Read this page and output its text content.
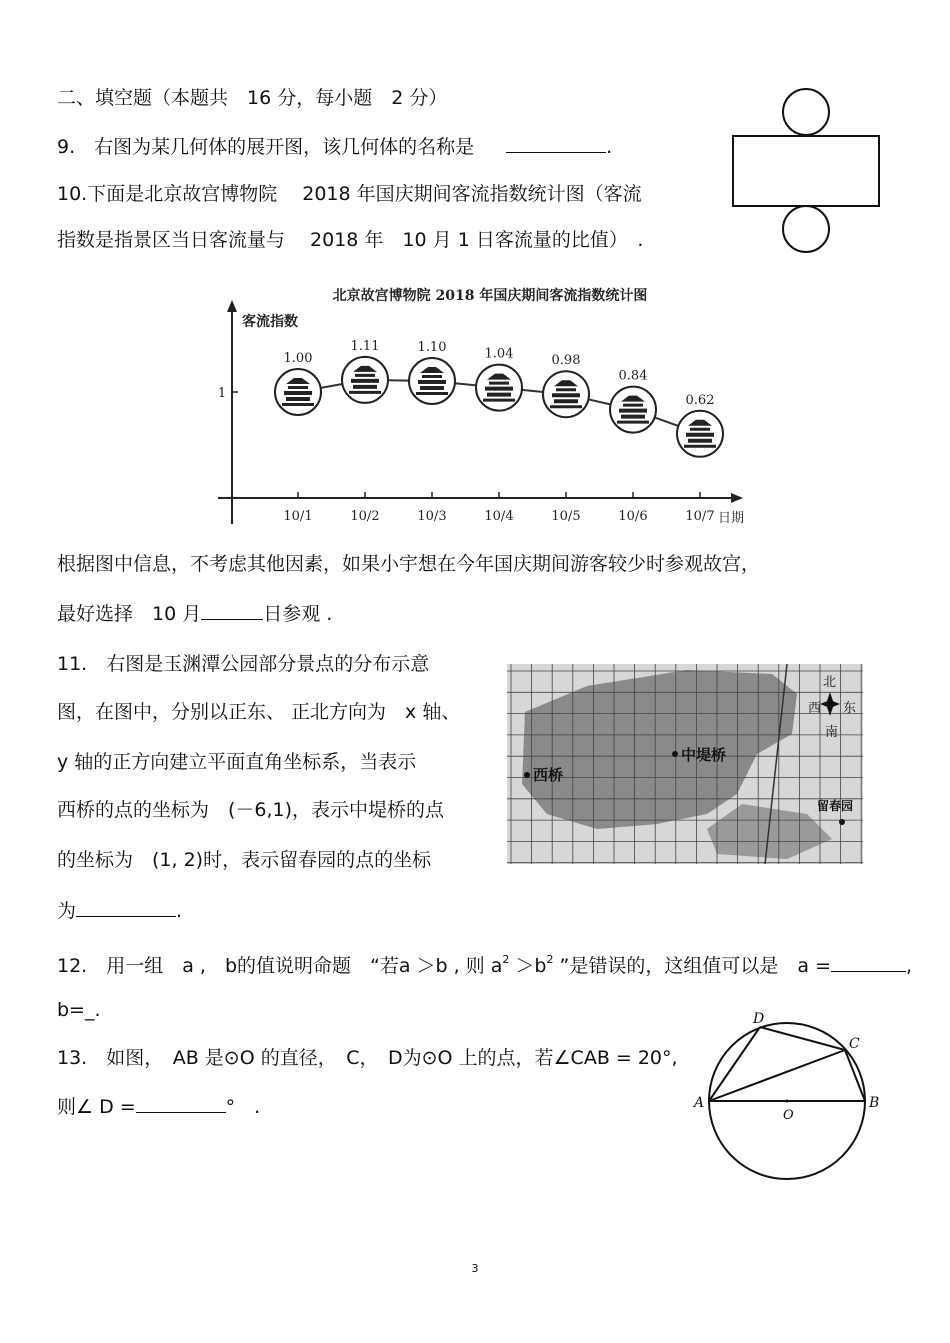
二、填空题（本题共　16 分，每小题　2 分）
9.　右图为某几何体的展开图，该几何体的名称是	.
10.下面是北京故宫博物院　 2018 年国庆期间客流指数统计图（客流
指数是指景区当日客流量与　 2018 年　10 月 1 日客流量的比值）　.
北京故宫博物院 2018 年国庆期间客流指数统计图
客流指数
日期
1
1.00
10/1
1.11
10/2
1.10
10/3
1.04
10/4
0.98
10/5
0.84
10/6
0.62
10/7
根据图中信息，不考虑其他因素，如果小宇想在今年国庆期间游客较少时参观故宫，
最好选择　10 月	日参观 .
11.　右图是玉渊潭公园部分景点的分布示意
图，在图中，分别以正东、 正北方向为　x 轴、
y 轴的正方向建立平面直角坐标系，当表示
西桥的点的坐标为　(－6,1)，表示中堤桥的点
的坐标为　(1, 2)时，表示留春园的点的坐标
为	.
西桥
中堤桥
留春园
北
西 东
南
12.　用一组　a ,　b的值说明命题　“若a ＞b , 则 $a^2 >b^2$ ”是错误的，这组值可以是　a =	,
b=_.
13.　如图，　AB 是⊙O 的直径，　C，　D为⊙O 上的点，若∠CAB = 20°,
则∠ D =	°　.	A	B
C
D
O
3
